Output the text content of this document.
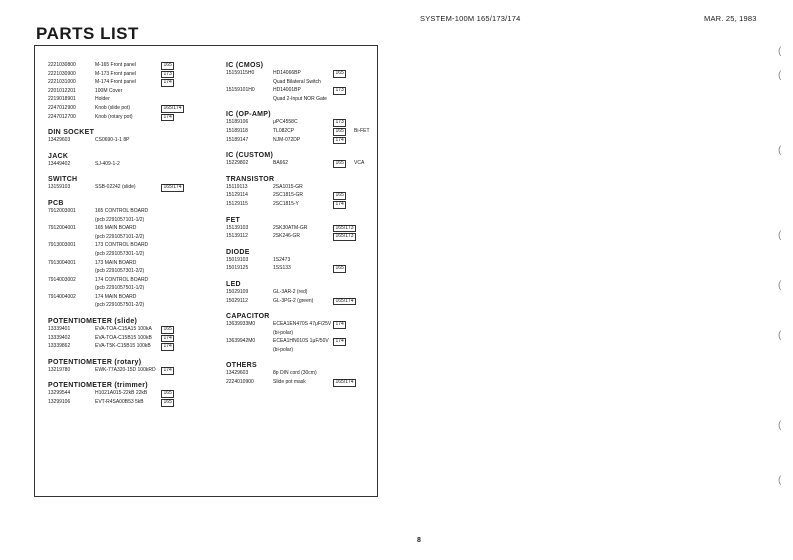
SYSTEM-100M 165/173/174	MAR. 25, 1983
PARTS LIST
2221030800	M-165 Front panel	165
2221030900	M-173 Front panel	173
2221031000	M-174 Front panel	174
2201012201	100M Cover
2219018901	Holder
2247012900	Knob (slide pot)	165/174
2247012700	Knob (rotary pot)	174
DIN SOCKET
13429603	CS0690-1-1 8P
JACK
13449402	SJ-409-1-2
SWITCH
13159103	SSB-02242 (slide)	165/174
PCB
7912003001	165 CONTROL BOARD
(pcb 2291057101-1/2)
7912004001	165 MAIN BOARD
(pcb 2291057101-2/2)
7913003001	173 CONTROL BOARD
(pcb 2291057301-1/2)
7913004001	173 MAIN BOARD
(pcb 2291057301-2/2)
7914003002	174 CONTROL BOARD
(pcb 2291057501-1/2)
7914004002	174 MAIN BOARD
(pcb 2291057501-2/2)
POTENTIOMETER (slide)
13339401	EVA-TOA-C15A15 100kA	165
13339402	EVA-TOA-C15B15 100kB	174
13339862	EVA-T5K-C15B15 100kB	174
POTENTIOMETER (rotary)
13219780	EWK-77A320-15D 100kRD	174
POTENTIOMETER (trimmer)
13299544	H1021A015-22kB 22kB	165
13299106	EVT-R4SA00B53 5kB	165
IC (CMOS)
15159115H0	HD14066BP	165
Quad Bilateral Switch
15159101H0	HD14001BP	173
Quad 2-Input NOR Gate
IC (OP-AMP)
15189106	μPC4558C	173
15189118	TL082CP	165	Bi-FET
15189147	NJM-072DP	174
IC (CUSTOM)
15229802	BA662	165	VCA
TRANSISTOR
15119113	2SA1015-GR
15129114	2SC1815-GR	165
15129115	2SC1815-Y	174
FET
15139103	2SK30ATM-GR	165/173
15139112	2SK246-GR	165/173
DIODE
15019103	1S2473
15019125	1SS133	165
LED
15029109	GL-3AR-2 (red)
15029112	GL-3PG-2 (green)	165/174
CAPACITOR
13639933M0	ECEA1EN470S 47μF/25V 174
(bi-polar)
13639942M0	ECEA1HN010S 1μF/50V	174
(bi-polar)
OTHERS
13429603	8p DIN cord (30cm)
2224010900	Slide pot mask	165/174
8
(
(
(
(
(
(
(
(
